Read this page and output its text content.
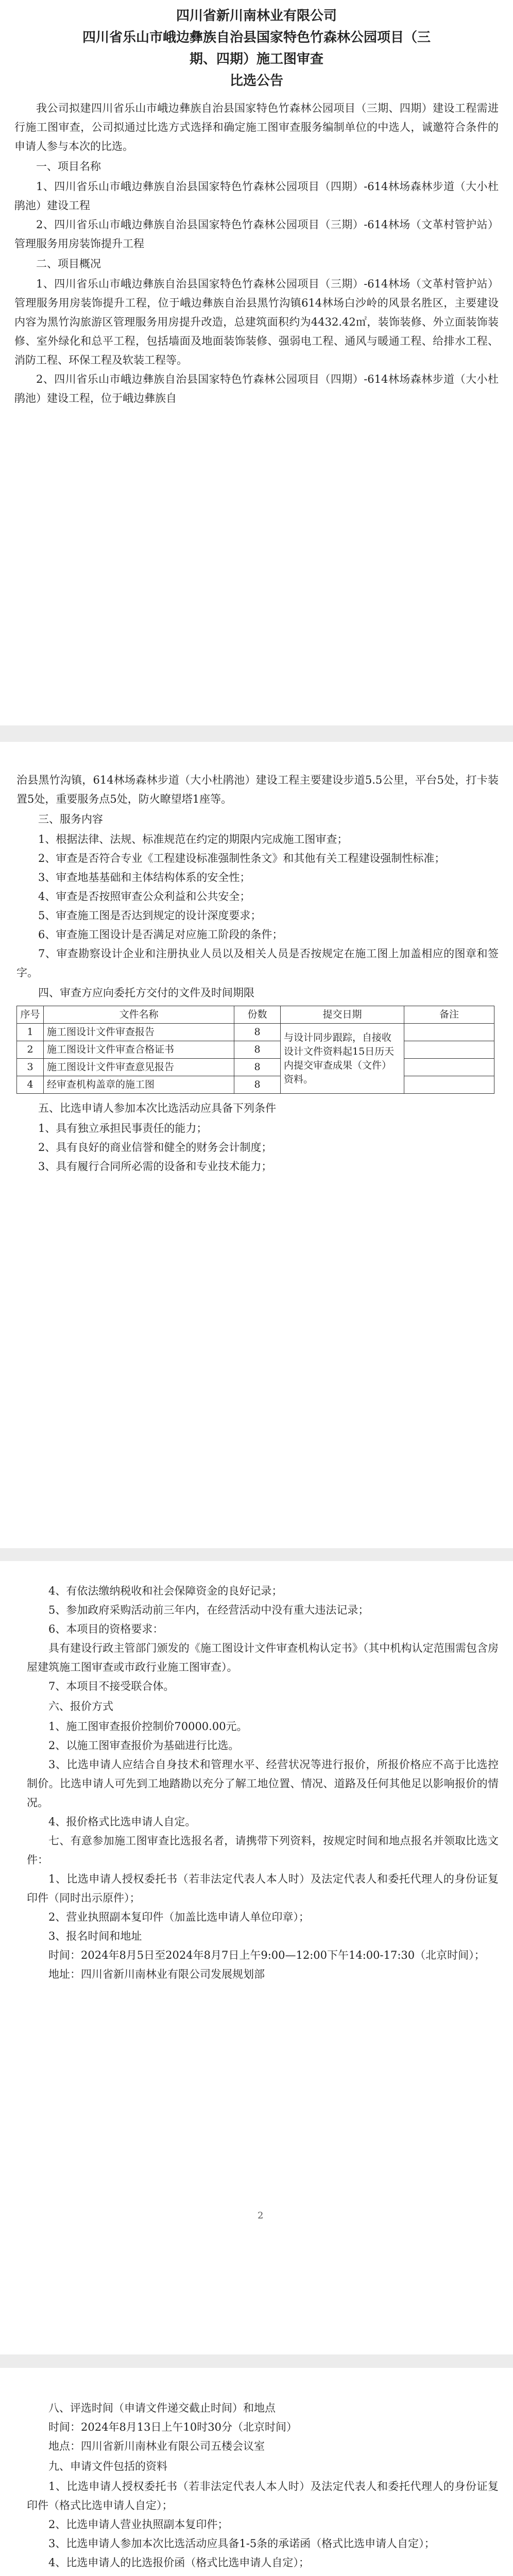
四川省新川南林业有限公司
四川省乐山市峨边彝族自治县国家特色竹森林公园项目（三
期、四期）施工图审查
比选公告

我公司拟建四川省乐山市峨边彝族自治县国家特色竹森林公园项目（三期、四期）建设工程需进行施工图审查，公司拟通过比选方式选择和确定施工图审查服务编制单位的中选人，诚邀符合条件的申请人参与本次的比选。

一、项目名称

1、四川省乐山市峨边彝族自治县国家特色竹森林公园项目（四期）-614林场森林步道（大小杜鹃池）建设工程

2、四川省乐山市峨边彝族自治县国家特色竹森林公园项目（三期）-614林场（文革村管护站）管理服务用房装饰提升工程

二、项目概况

1、四川省乐山市峨边彝族自治县国家特色竹森林公园项目（三期）-614林场（文革村管护站）管理服务用房装饰提升工程，位于峨边彝族自治县黑竹沟镇614林场白沙岭的风景名胜区，主要建设内容为黑竹沟旅游区管理服务用房提升改造，总建筑面积约为4432.42㎡，装饰装修、外立面装饰装修、室外绿化和总平工程，包括墙面及地面装饰装修、强弱电工程、通风与暖通工程、给排水工程、消防工程、环保工程及软装工程等。

2、四川省乐山市峨边彝族自治县国家特色竹森林公园项目（四期）-614林场森林步道（大小杜鹃池）建设工程，位于峨边彝族自

治县黑竹沟镇，614林场森林步道（大小杜鹃池）建设工程主要建设步道5.5公里，平台5处，打卡装置5处，重要服务点5处，防火瞭望塔1座等。

三、服务内容

1、根据法律、法规、标准规范在约定的期限内完成施工图审查；

2、审查是否符合专业《工程建设标准强制性条文》和其他有关工程建设强制性标准；

3、审查地基基础和主体结构体系的安全性；

4、审查是否按照审查公众利益和公共安全；

5、审查施工图是否达到规定的设计深度要求；

6、审查施工图设计是否满足对应施工阶段的条件；

7、审查勘察设计企业和注册执业人员以及相关人员是否按规定在施工图上加盖相应的图章和签字。

四、审查方应向委托方交付的文件及时间期限

序号	文件名称	份数	提交日期	备注
1	施工图设计文件审查报告	8	与设计同步跟踪，自接收设计文件资料起15日历天内提交审查成果（文件）资料。	
2	施工图设计文件审查合格证书	8		
3	施工图设计文件审查意见报告	8		
4	经审查机构盖章的施工图	8		

五、比选申请人参加本次比选活动应具备下列条件

1、具有独立承担民事责任的能力；

2、具有良好的商业信誉和健全的财务会计制度；

3、具有履行合同所必需的设备和专业技术能力；

4、有依法缴纳税收和社会保障资金的良好记录；

5、参加政府采购活动前三年内，在经营活动中没有重大违法记录；

6、本项目的资格要求：

具有建设行政主管部门颁发的《施工图设计文件审查机构认定书》（其中机构认定范围需包含房屋建筑施工图审查或市政行业施工图审查）。

7、本项目不接受联合体。

六、报价方式

1、施工图审查报价控制价70000.00元。

2、以施工图审查报价为基础进行比选。

3、比选申请人应结合自身技术和管理水平、经营状况等进行报价，所报价格应不高于比选控制价。比选申请人可先到工地踏勘以充分了解工地位置、情况、道路及任何其他足以影响报价的情况。

4、报价格式比选申请人自定。

七、有意参加施工图审查比选报名者，请携带下列资料，按规定时间和地点报名并领取比选文件：

1、比选申请人授权委托书（若非法定代表人本人时）及法定代表人和委托代理人的身份证复印件（同时出示原件）；

2、营业执照副本复印件（加盖比选申请人单位印章）；

3、报名时间和地址

时间：2024年8月5日至2024年8月7日上午9:00—12:00下午14:00-17:30（北京时间）；

地址：四川省新川南林业有限公司发展规划部

2

八、评选时间（申请文件递交截止时间）和地点

时间：2024年8月13日上午10时30分（北京时间）

地点：四川省新川南林业有限公司五楼会议室

九、申请文件包括的资料

1、比选申请人授权委托书（若非法定代表人本人时）及法定代表人和委托代理人的身份证复印件（格式比选申请人自定）；

2、比选申请人营业执照副本复印件；

3、比选申请人参加本次比选活动应具备1-5条的承诺函（格式比选申请人自定）；

4、比选申请人的比选报价函（格式比选申请人自定）；
